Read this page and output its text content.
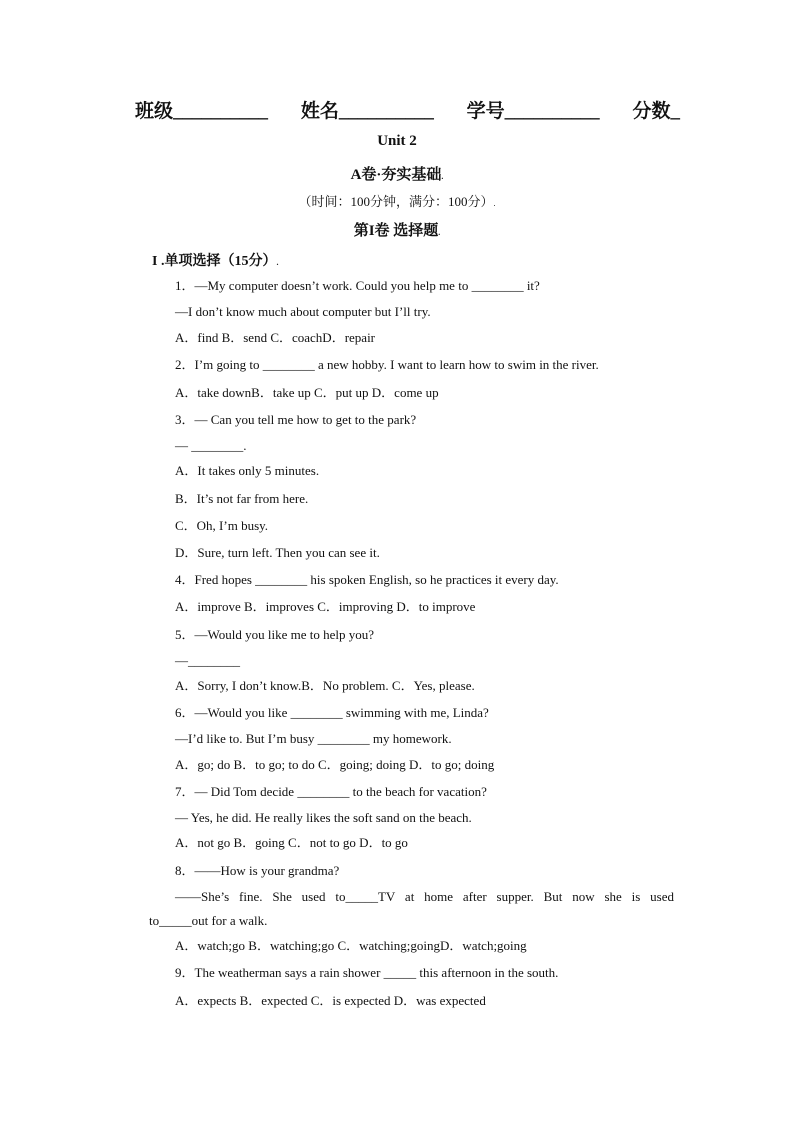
班级__________ 姓名__________ 学号__________ 分数_
Unit 2
A卷·夯实基础.
（时间：100分钟，满分：100分）.
第I卷 选择题.
I .单项选择（15分）.
1．—My computer doesn’t work. Could you help me to ________ it?
—I don’t know much about computer but I’ll try.
A．find B．send C．coachD．repair
2．I’m going to ________ a new hobby. I want to learn how to swim in the river.
A．take downB．take up C．put up D．come up
3．— Can you tell me how to get to the park?
— ________.
A．It takes only 5 minutes.
B．It’s not far from here.
C．Oh, I’m busy.
D．Sure, turn left. Then you can see it.
4．Fred hopes ________ his spoken English, so he practices it every day.
A．improve B．improves C．improving D．to improve
5．—Would you like me to help you?
—________
A．Sorry, I don’t know.B．No problem. C．Yes, please.
6．—Would you like ________ swimming with me, Linda?
—I’d like to. But I’m busy ________ my homework.
A．go; do B．to go; to do C．going; doing D．to go; doing
7．— Did Tom decide ________ to the beach for vacation?
— Yes, he did. He really likes the soft sand on the beach.
A．not go B．going C．not to go D．to go
8．——How is your grandma?
——She’s fine. She used to_____TV at home after supper. But now she is used
to_____out for a walk.
A．watch;go B．watching;go C．watching;goingD．watch;going
9．The weatherman says a rain shower _____ this afternoon in the south.
A．expects B．expected C．is expected D．was expected
